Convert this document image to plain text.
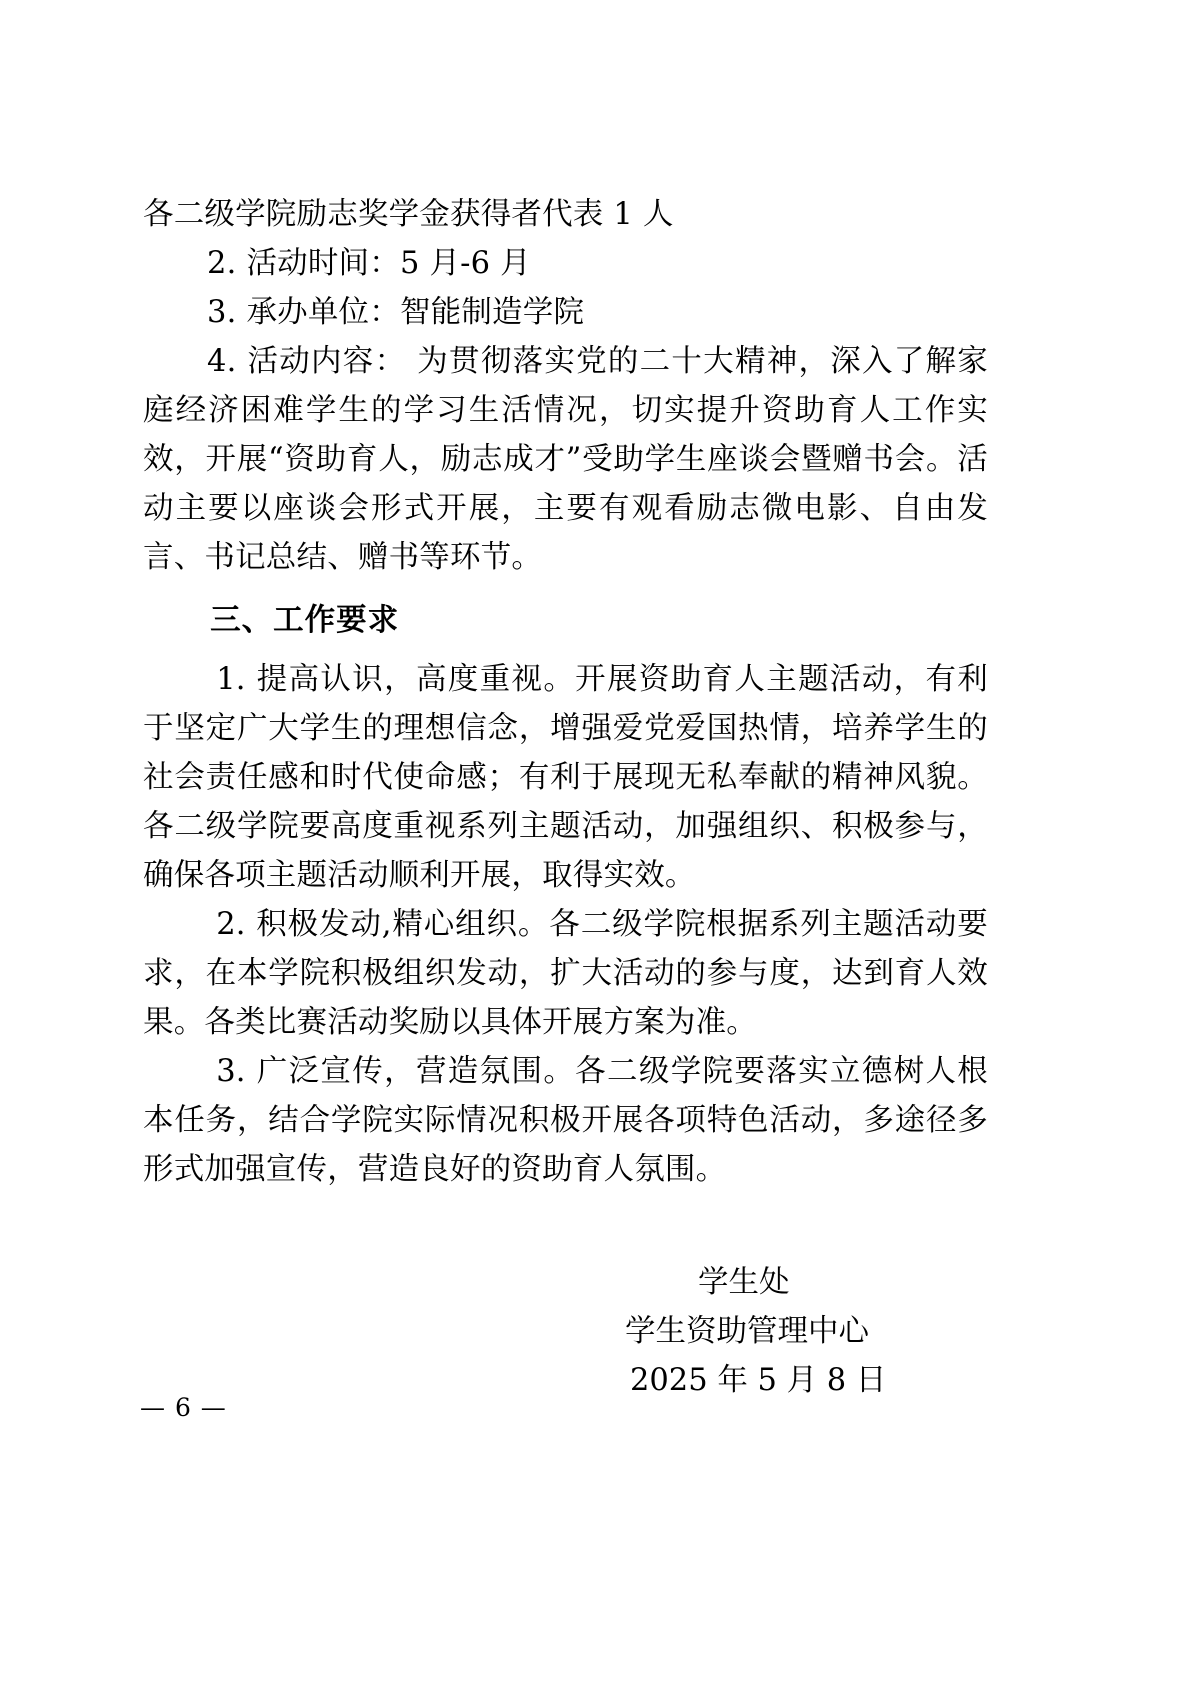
各二级学院励志奖学金获得者代表 1 人

2. 活动时间：5 月-6 月

3. 承办单位：智能制造学院

4. 活动内容： 为贯彻落实党的二十大精神，深入了解家庭经济困难学生的学习生活情况，切实提升资助育人工作实效，开展“资助育人，励志成才”受助学生座谈会暨赠书会。活动主要以座谈会形式开展，主要有观看励志微电影、自由发言、书记总结、赠书等环节。

三、工作要求

1. 提高认识，高度重视。开展资助育人主题活动，有利于坚定广大学生的理想信念，增强爱党爱国热情，培养学生的社会责任感和时代使命感；有利于展现无私奉献的精神风貌。各二级学院要高度重视系列主题活动，加强组织、积极参与，确保各项主题活动顺利开展，取得实效。

2. 积极发动,精心组织。各二级学院根据系列主题活动要求，在本学院积极组织发动，扩大活动的参与度，达到育人效果。各类比赛活动奖励以具体开展方案为准。

3. 广泛宣传，营造氛围。各二级学院要落实立德树人根本任务，结合学院实际情况积极开展各项特色活动，多途径多形式加强宣传，营造良好的资助育人氛围。

学生处
学生资助管理中心
2025 年 5 月 8 日
— 6 —
